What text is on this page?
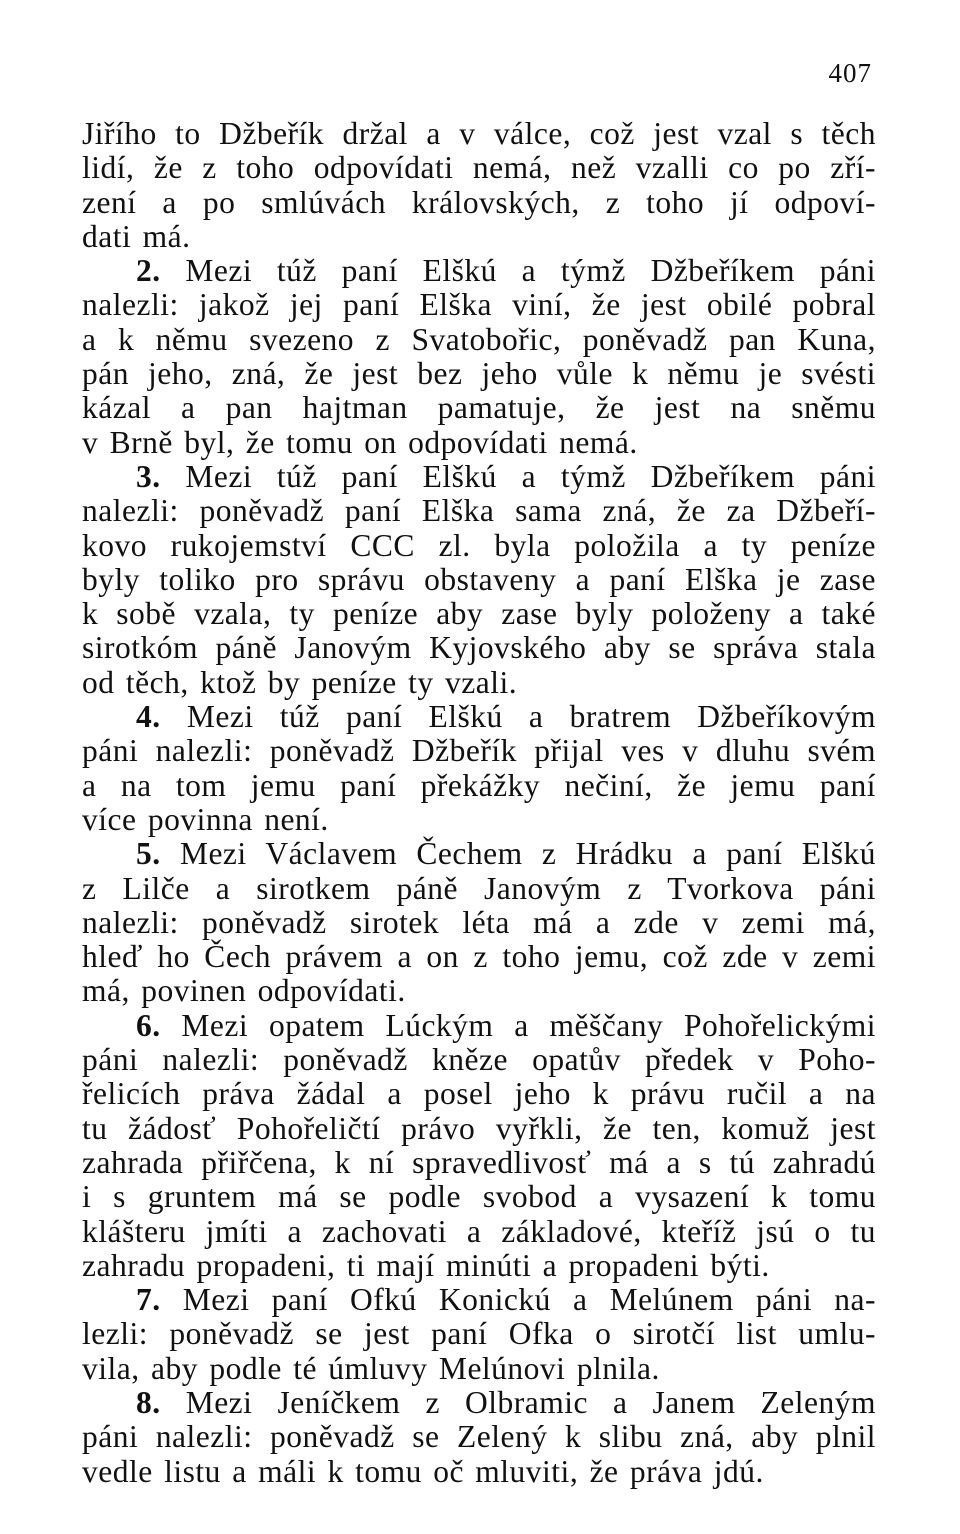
407
Jiřího to Džbeřík držal a v válce, což jest vzal s těch
lidí, že z toho odpovídati nemá, než vzalli co po zří-
zení a po smlúvách královských, z toho jí odpoví-
dati má.
2. Mezi túž paní Elškú a týmž Džbeříkem páni
nalezli: jakož jej paní Elška viní, že jest obilé pobral
a k němu svezeno z Svatobořic, poněvadž pan Kuna,
pán jeho, zná, že jest bez jeho vůle k němu je svésti
kázal a pan hajtman pamatuje, že jest na sněmu
v Brně byl, že tomu on odpovídati nemá.
3. Mezi túž paní Elškú a týmž Džbeříkem páni
nalezli: poněvadž paní Elška sama zná, že za Džbeří-
kovo rukojemství CCC zl. byla položila a ty peníze
byly toliko pro správu obstaveny a paní Elška je zase
k sobě vzala, ty peníze aby zase byly položeny a také
sirotkóm páně Janovým Kyjovského aby se správa stala
od těch, ktož by peníze ty vzali.
4. Mezi túž paní Elškú a bratrem Džbeříkovým
páni nalezli: poněvadž Džbeřík přijal ves v dluhu svém
a na tom jemu paní překážky nečiní, že jemu paní
více povinna není.
5. Mezi Václavem Čechem z Hrádku a paní Elškú
z Lilče a sirotkem páně Janovým z Tvorkova páni
nalezli: poněvadž sirotek léta má a zde v zemi má,
hleď ho Čech právem a on z toho jemu, což zde v zemi
má, povinen odpovídati.
6. Mezi opatem Lúckým a měščany Pohořelickými
páni nalezli: poněvadž kněze opatův předek v Poho-
řelicích práva žádal a posel jeho k právu ručil a na
tu žádosť Pohořeličtí právo vyřkli, že ten, komuž jest
zahrada přiřčena, k ní spravedlivosť má a s tú zahradú
i s gruntem má se podle svobod a vysazení k tomu
klášteru jmíti a zachovati a základové, kteříž jsú o tu
zahradu propadeni, ti mají minúti a propadeni býti.
7. Mezi paní Ofkú Konickú a Melúnem páni na-
lezli: poněvadž se jest paní Ofka o sirotčí list umlu-
vila, aby podle té úmluvy Melúnovi plnila.
8. Mezi Jeníčkem z Olbramic a Janem Zeleným
páni nalezli: poněvadž se Zelený k slibu zná, aby plnil
vedle listu a máli k tomu oč mluviti, že práva jdú.
